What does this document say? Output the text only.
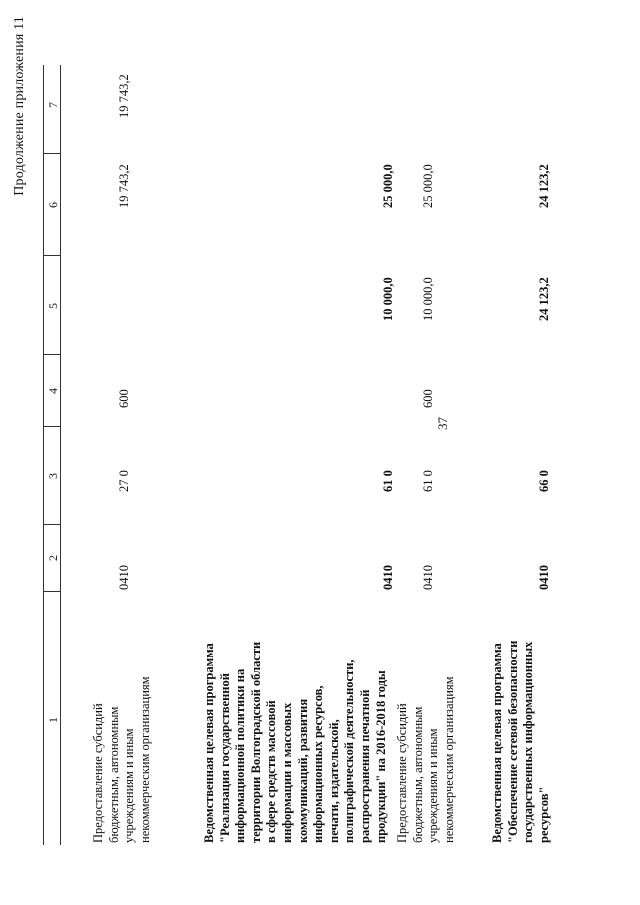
37
Продолжение приложения 11
1
2
3
4
5
6
7
Предоставление субсидий бюджетным, автономным учреждениям и иным некоммерческим организациям
0410
27 0
600
19 743,2
19 743,2
Ведомственная целевая программа "Реализация государственной информационной политики на территории Волгоградской области в сфере средств массовой информации и массовых коммуникаций, развития информационных ресурсов, печати, издательской, полиграфической деятельности, распространения печатной продукции" на 2016-2018 годы
0410
61 0
10 000,0
25 000,0
Предоставление субсидий бюджетным, автономным учреждениям и иным некоммерческим организациям
0410
61 0
600
10 000,0
25 000,0
Ведомственная целевая программа "Обеспечение сетевой безопасности государственных информационных ресурсов"
0410
66 0
24 123,2
24 123,2
